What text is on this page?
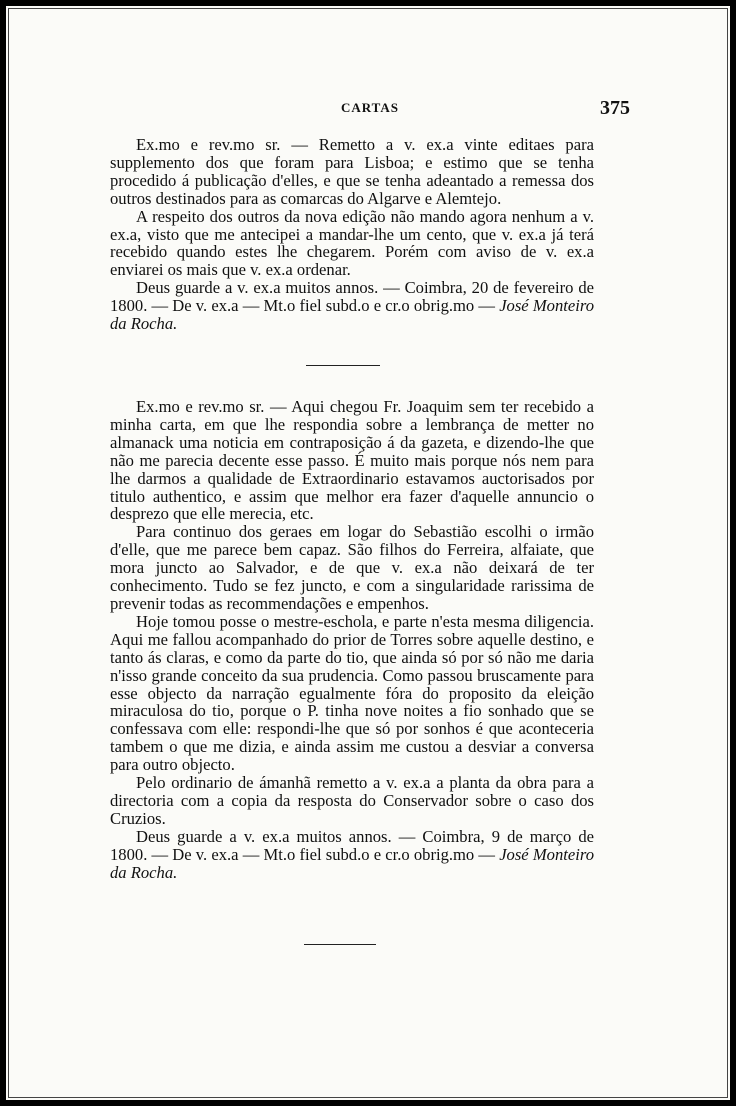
CARTAS	375

Ex.mo e rev.mo sr. — Remetto a v. ex.a vinte editaes para supplemento dos que foram para Lisboa; e estimo que se tenha procedido á publicação d'elles, e que se tenha adeantado a remessa dos outros destinados para as comarcas do Algarve e Alemtejo.

A respeito dos outros da nova edição não mando agora nenhum a v. ex.a, visto que me antecipei a mandar-lhe um cento, que v. ex.a já terá recebido quando estes lhe chegarem. Porém com aviso de v. ex.a enviarei os mais que v. ex.a ordenar.

Deus guarde a v. ex.a muitos annos. — Coimbra, 20 de fevereiro de 1800. — De v. ex.a — Mt.o fiel subd.o e cr.o obrig.mo — José Monteiro da Rocha.

Ex.mo e rev.mo sr. — Aqui chegou Fr. Joaquim sem ter recebido a minha carta, em que lhe respondia sobre a lembrança de metter no almanack uma noticia em contraposição á da gazeta, e dizendo-lhe que não me parecia decente esse passo. É muito mais porque nós nem para lhe darmos a qualidade de Extraordinario estavamos auctorisados por titulo authentico, e assim que melhor era fazer d'aquelle annuncio o desprezo que elle merecia, etc.

Para continuo dos geraes em logar do Sebastião escolhi o irmão d'elle, que me parece bem capaz. São filhos do Ferreira, alfaiate, que mora juncto ao Salvador, e de que v. ex.a não deixará de ter conhecimento. Tudo se fez juncto, e com a singularidade rarissima de prevenir todas as recommendações e empenhos.

Hoje tomou posse o mestre-eschola, e parte n'esta mesma diligencia. Aqui me fallou acompanhado do prior de Torres sobre aquelle destino, e tanto ás claras, e como da parte do tio, que ainda só por só não me daria n'isso grande conceito da sua prudencia. Como passou bruscamente para esse objecto da narração egualmente fóra do proposito da eleição miraculosa do tio, porque o P. tinha nove noites a fio sonhado que se confessava com elle: respondi-lhe que só por sonhos é que aconteceria tambem o que me dizia, e ainda assim me custou a desviar a conversa para outro objecto.

Pelo ordinario de ámanhã remetto a v. ex.a a planta da obra para a directoria com a copia da resposta do Conservador sobre o caso dos Cruzios.

Deus guarde a v. ex.a muitos annos. — Coimbra, 9 de março de 1800. — De v. ex.a — Mt.o fiel subd.o e cr.o obrig.mo — José Monteiro da Rocha.
